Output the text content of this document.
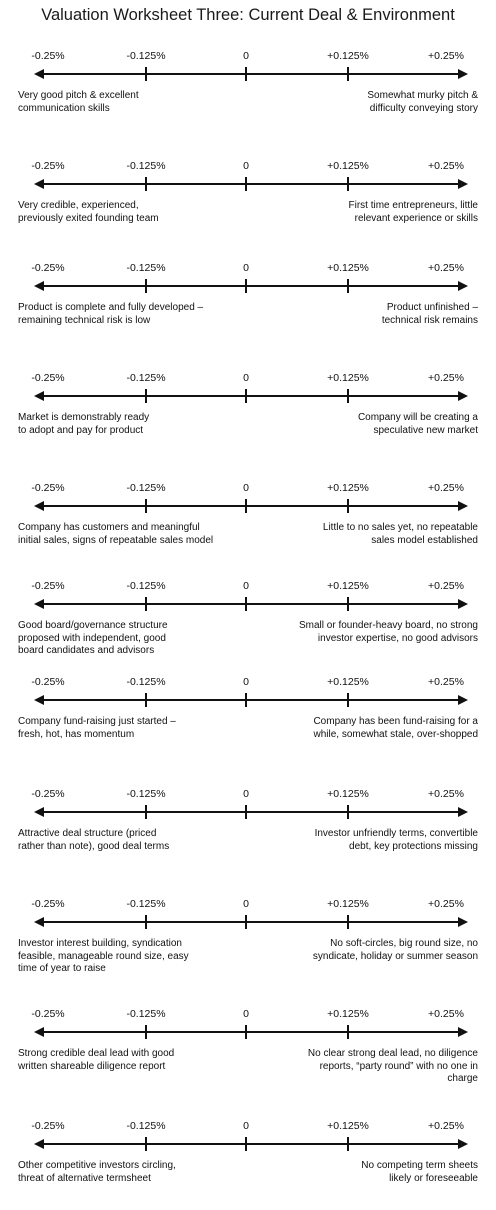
Valuation Worksheet Three: Current Deal & Environment
-0.25%	-0.125%	0	+0.125%	+0.25%
Very good pitch & excellent
communication skills
Somewhat murky pitch &
difficulty conveying story
-0.25%	-0.125%	0	+0.125%	+0.25%
Very credible, experienced,
previously exited founding team
First time entrepreneurs, little
relevant experience or skills
-0.25%	-0.125%	0	+0.125%	+0.25%
Product is complete and fully developed –
remaining technical risk is low
Product unfinished –
technical risk remains
-0.25%	-0.125%	0	+0.125%	+0.25%
Market is demonstrably ready
to adopt and pay for product
Company will be creating a
speculative new market
-0.25%	-0.125%	0	+0.125%	+0.25%
Company has customers and meaningful
initial sales, signs of repeatable sales model
Little to no sales yet, no repeatable
sales model established
-0.25%	-0.125%	0	+0.125%	+0.25%
Good board/governance structure
proposed with independent, good
board candidates and advisors
Small or founder-heavy board, no strong
investor expertise, no good advisors
-0.25%	-0.125%	0	+0.125%	+0.25%
Company fund-raising just started –
fresh, hot, has momentum
Company has been fund-raising for a
while, somewhat stale, over-shopped
-0.25%	-0.125%	0	+0.125%	+0.25%
Attractive deal structure (priced
rather than note), good deal terms
Investor unfriendly terms, convertible
debt, key protections missing
-0.25%	-0.125%	0	+0.125%	+0.25%
Investor interest building, syndication
feasible, manageable round size, easy
time of year to raise
No soft-circles, big round size, no
syndicate, holiday or summer season
-0.25%	-0.125%	0	+0.125%	+0.25%
Strong credible deal lead with good
written shareable diligence report
No clear strong deal lead, no diligence
reports, “party round” with no one in
charge
-0.25%	-0.125%	0	+0.125%	+0.25%
Other competitive investors circling,
threat of alternative termsheet
No competing term sheets
likely or foreseeable
